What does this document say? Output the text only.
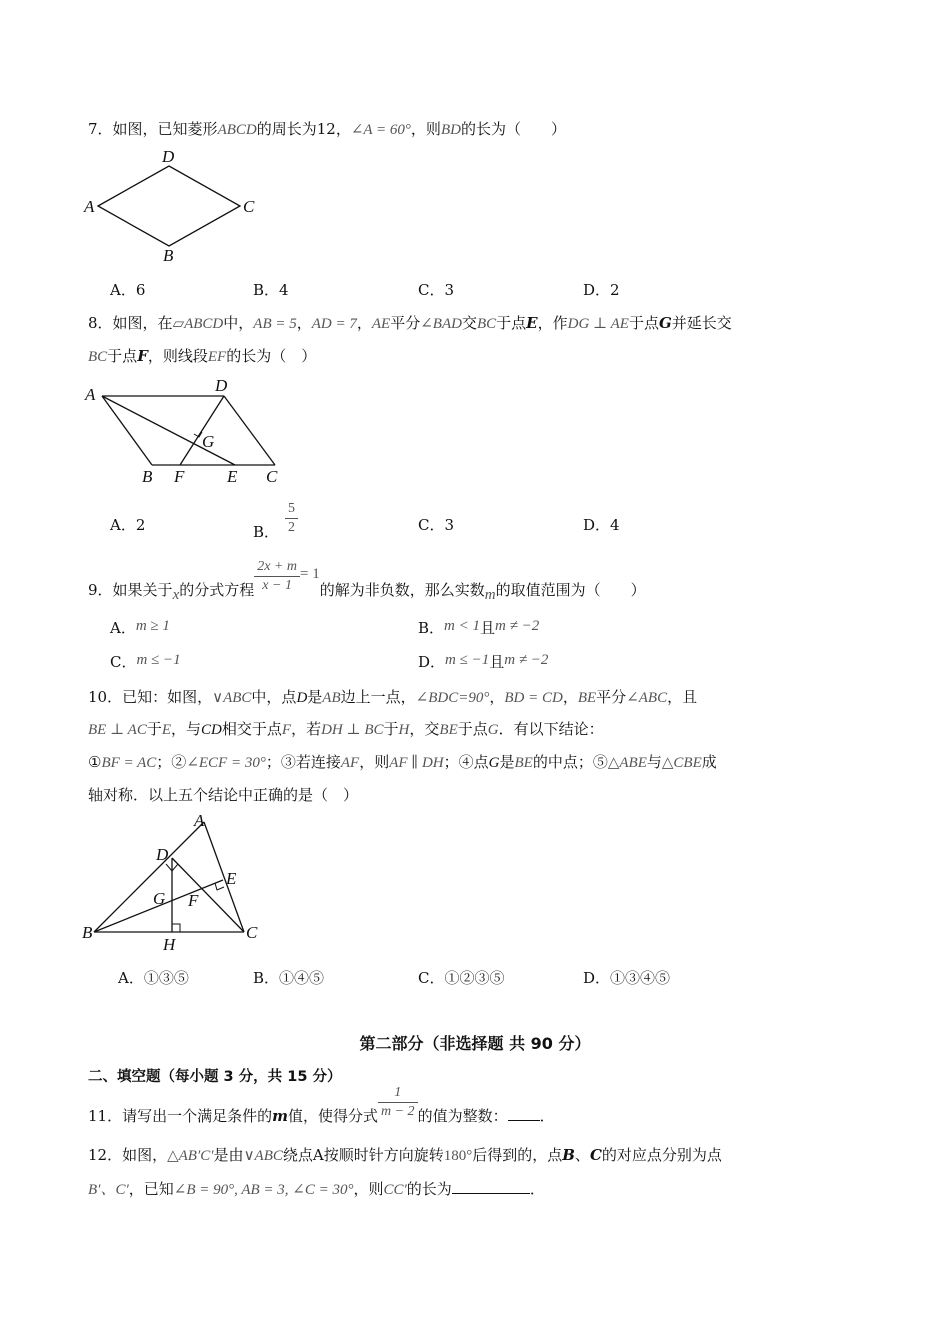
7．如图，已知菱形ABCD的周长为12，∠A = 60°，则BD的长为（　　）
D
A	C
B
A．6	B．4	C．3	D．2
8．如图，在▱ABCD中，AB = 5，AD = 7，AE平分∠BAD交BC于点E，作DG ⊥ AE于点G并延长交
BC于点F，则线段EF的长为（　）
A	D
G
B F	E C
A．2	B． $\frac{5}{2}$	C．3	D．4
9．如果关于x的分式方程 $\frac{2x + m}{x - 1} = 1$的解为非负数，那么实数m的取值范围为（　　）
A．m ≥ 1	B．m < 1且m ≠ −2
C．m ≤ −1	D．m ≤ −1且m ≠ −2
10．已知：如图，∨ABC中，点D是AB边上一点，∠BDC=90°，BD = CD，BE平分∠ABC，且
BE ⊥ AC于E，与CD相交于点F，若DH ⊥ BC于H，交BE于点G．有以下结论：
①BF = AC；②∠ECF = 30°；③若连接AF，则AF ∥ DH；④点G是BE的中点；⑤△ABE与△CBE成
轴对称．以上五个结论中正确的是（　）
A
D
E
G F
B
H
C
A．①③⑤	B．①④⑤	C．①②③⑤	D．①③④⑤
第二部分（非选择题 共 90 分）
二、填空题（每小题 3 分，共 15 分）
11．请写出一个满足条件的m值，使得分式 $\frac{1}{m - 2}$ 的值为整数： ．
12．如图，△AB′C′是由∨ABC绕点A按顺时针方向旋转180°后得到的，点B、C的对应点分别为点
B′、C′，已知∠B = 90°, AB = 3, ∠C = 30°，则CC′的长为	．
